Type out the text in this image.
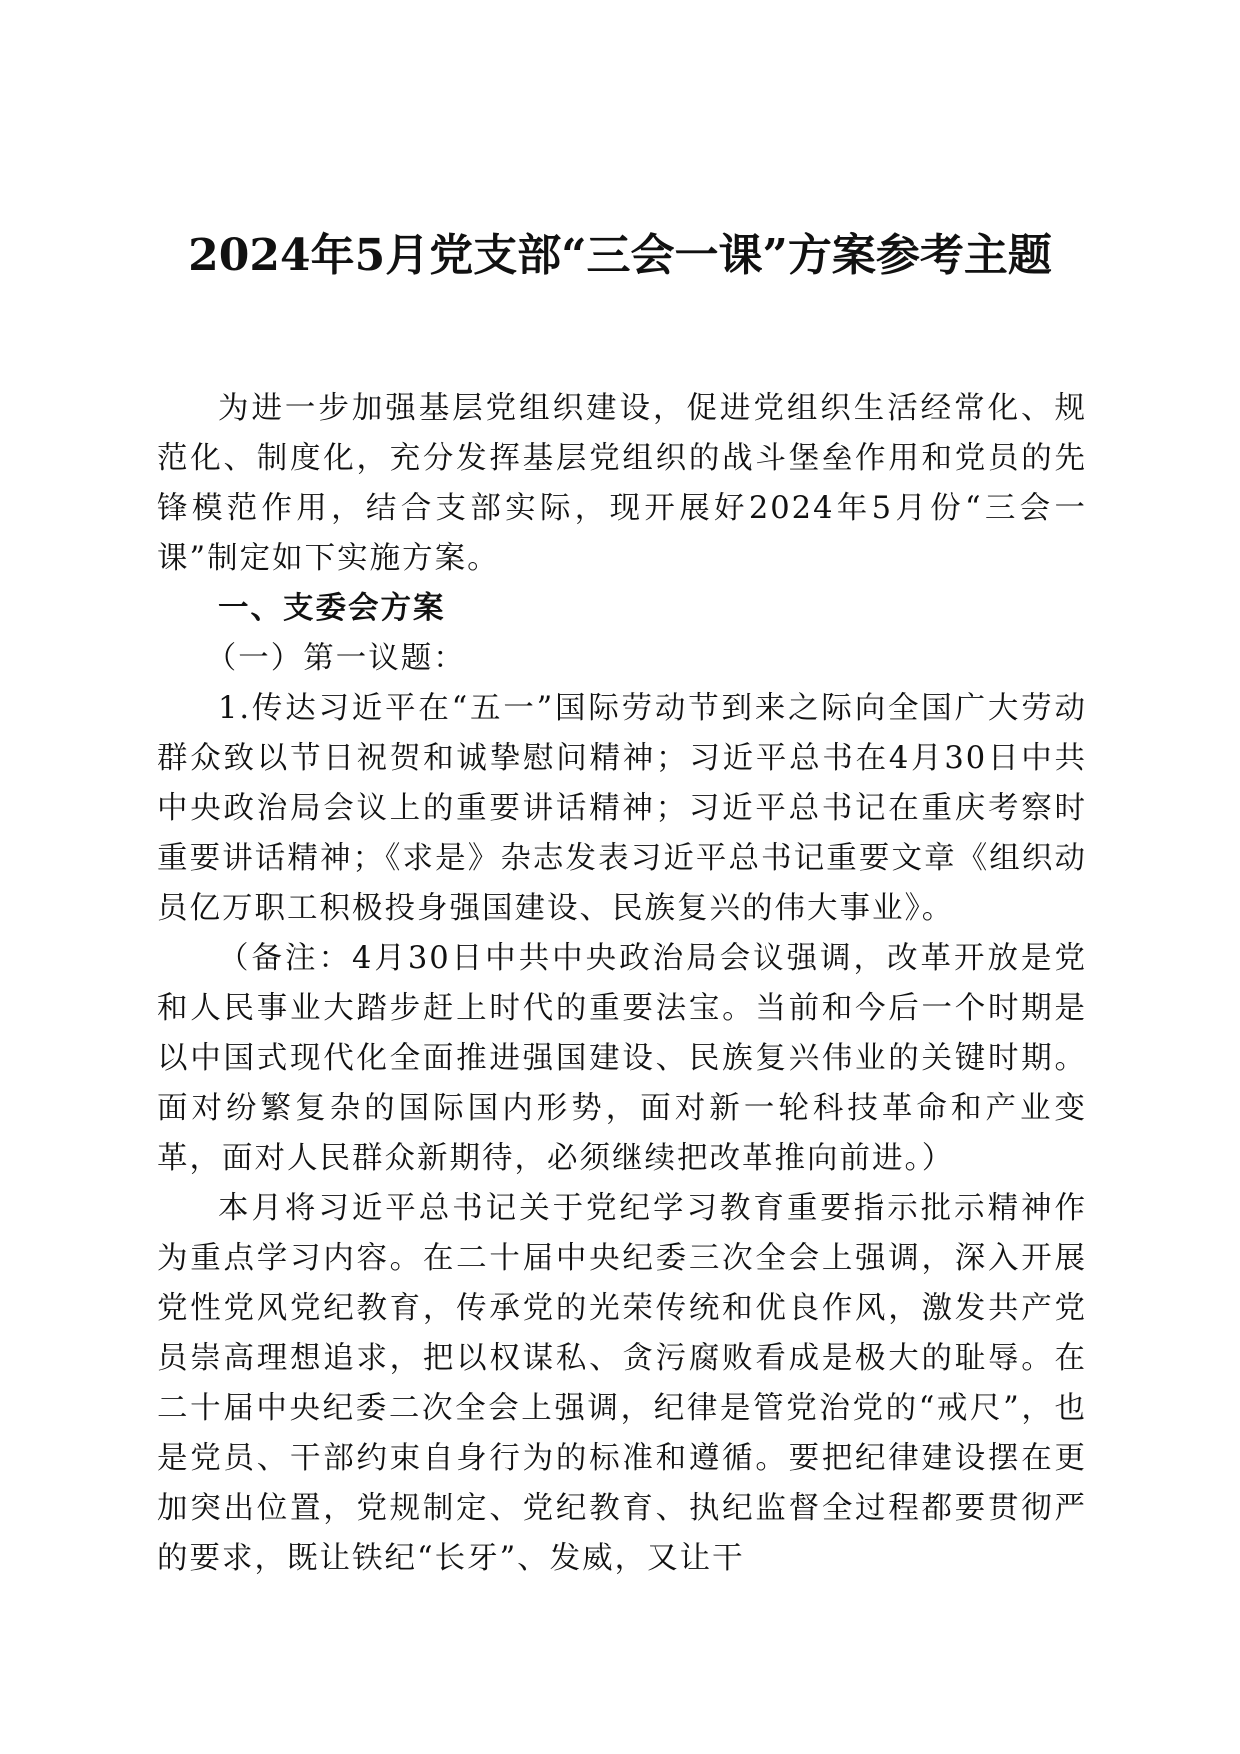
2024年5月党支部“三会一课”方案参考主题

为进一步加强基层党组织建设，促进党组织生活经常化、规范化、制度化，充分发挥基层党组织的战斗堡垒作用和党员的先锋模范作用，结合支部实际，现开展好2024年5月份“三会一课”制定如下实施方案。

一、支委会方案

（一）第一议题：

1.传达习近平在“五一”国际劳动节到来之际向全国广大劳动群众致以节日祝贺和诚挚慰问精神；习近平总书在4月30日中共中央政治局会议上的重要讲话精神；习近平总书记在重庆考察时重要讲话精神；《求是》杂志发表习近平总书记重要文章《组织动员亿万职工积极投身强国建设、民族复兴的伟大事业》。

（备注：4月30日中共中央政治局会议强调，改革开放是党和人民事业大踏步赶上时代的重要法宝。当前和今后一个时期是以中国式现代化全面推进强国建设、民族复兴伟业的关键时期。面对纷繁复杂的国际国内形势，面对新一轮科技革命和产业变革，面对人民群众新期待，必须继续把改革推向前进。）

本月将习近平总书记关于党纪学习教育重要指示批示精神作为重点学习内容。在二十届中央纪委三次全会上强调，深入开展党性党风党纪教育，传承党的光荣传统和优良作风，激发共产党员崇高理想追求，把以权谋私、贪污腐败看成是极大的耻辱。在二十届中央纪委二次全会上强调，纪律是管党治党的“戒尺”，也是党员、干部约束自身行为的标准和遵循。要把纪律建设摆在更加突出位置，党规制定、党纪教育、执纪监督全过程都要贯彻严的要求，既让铁纪“长牙”、发威，又让干
